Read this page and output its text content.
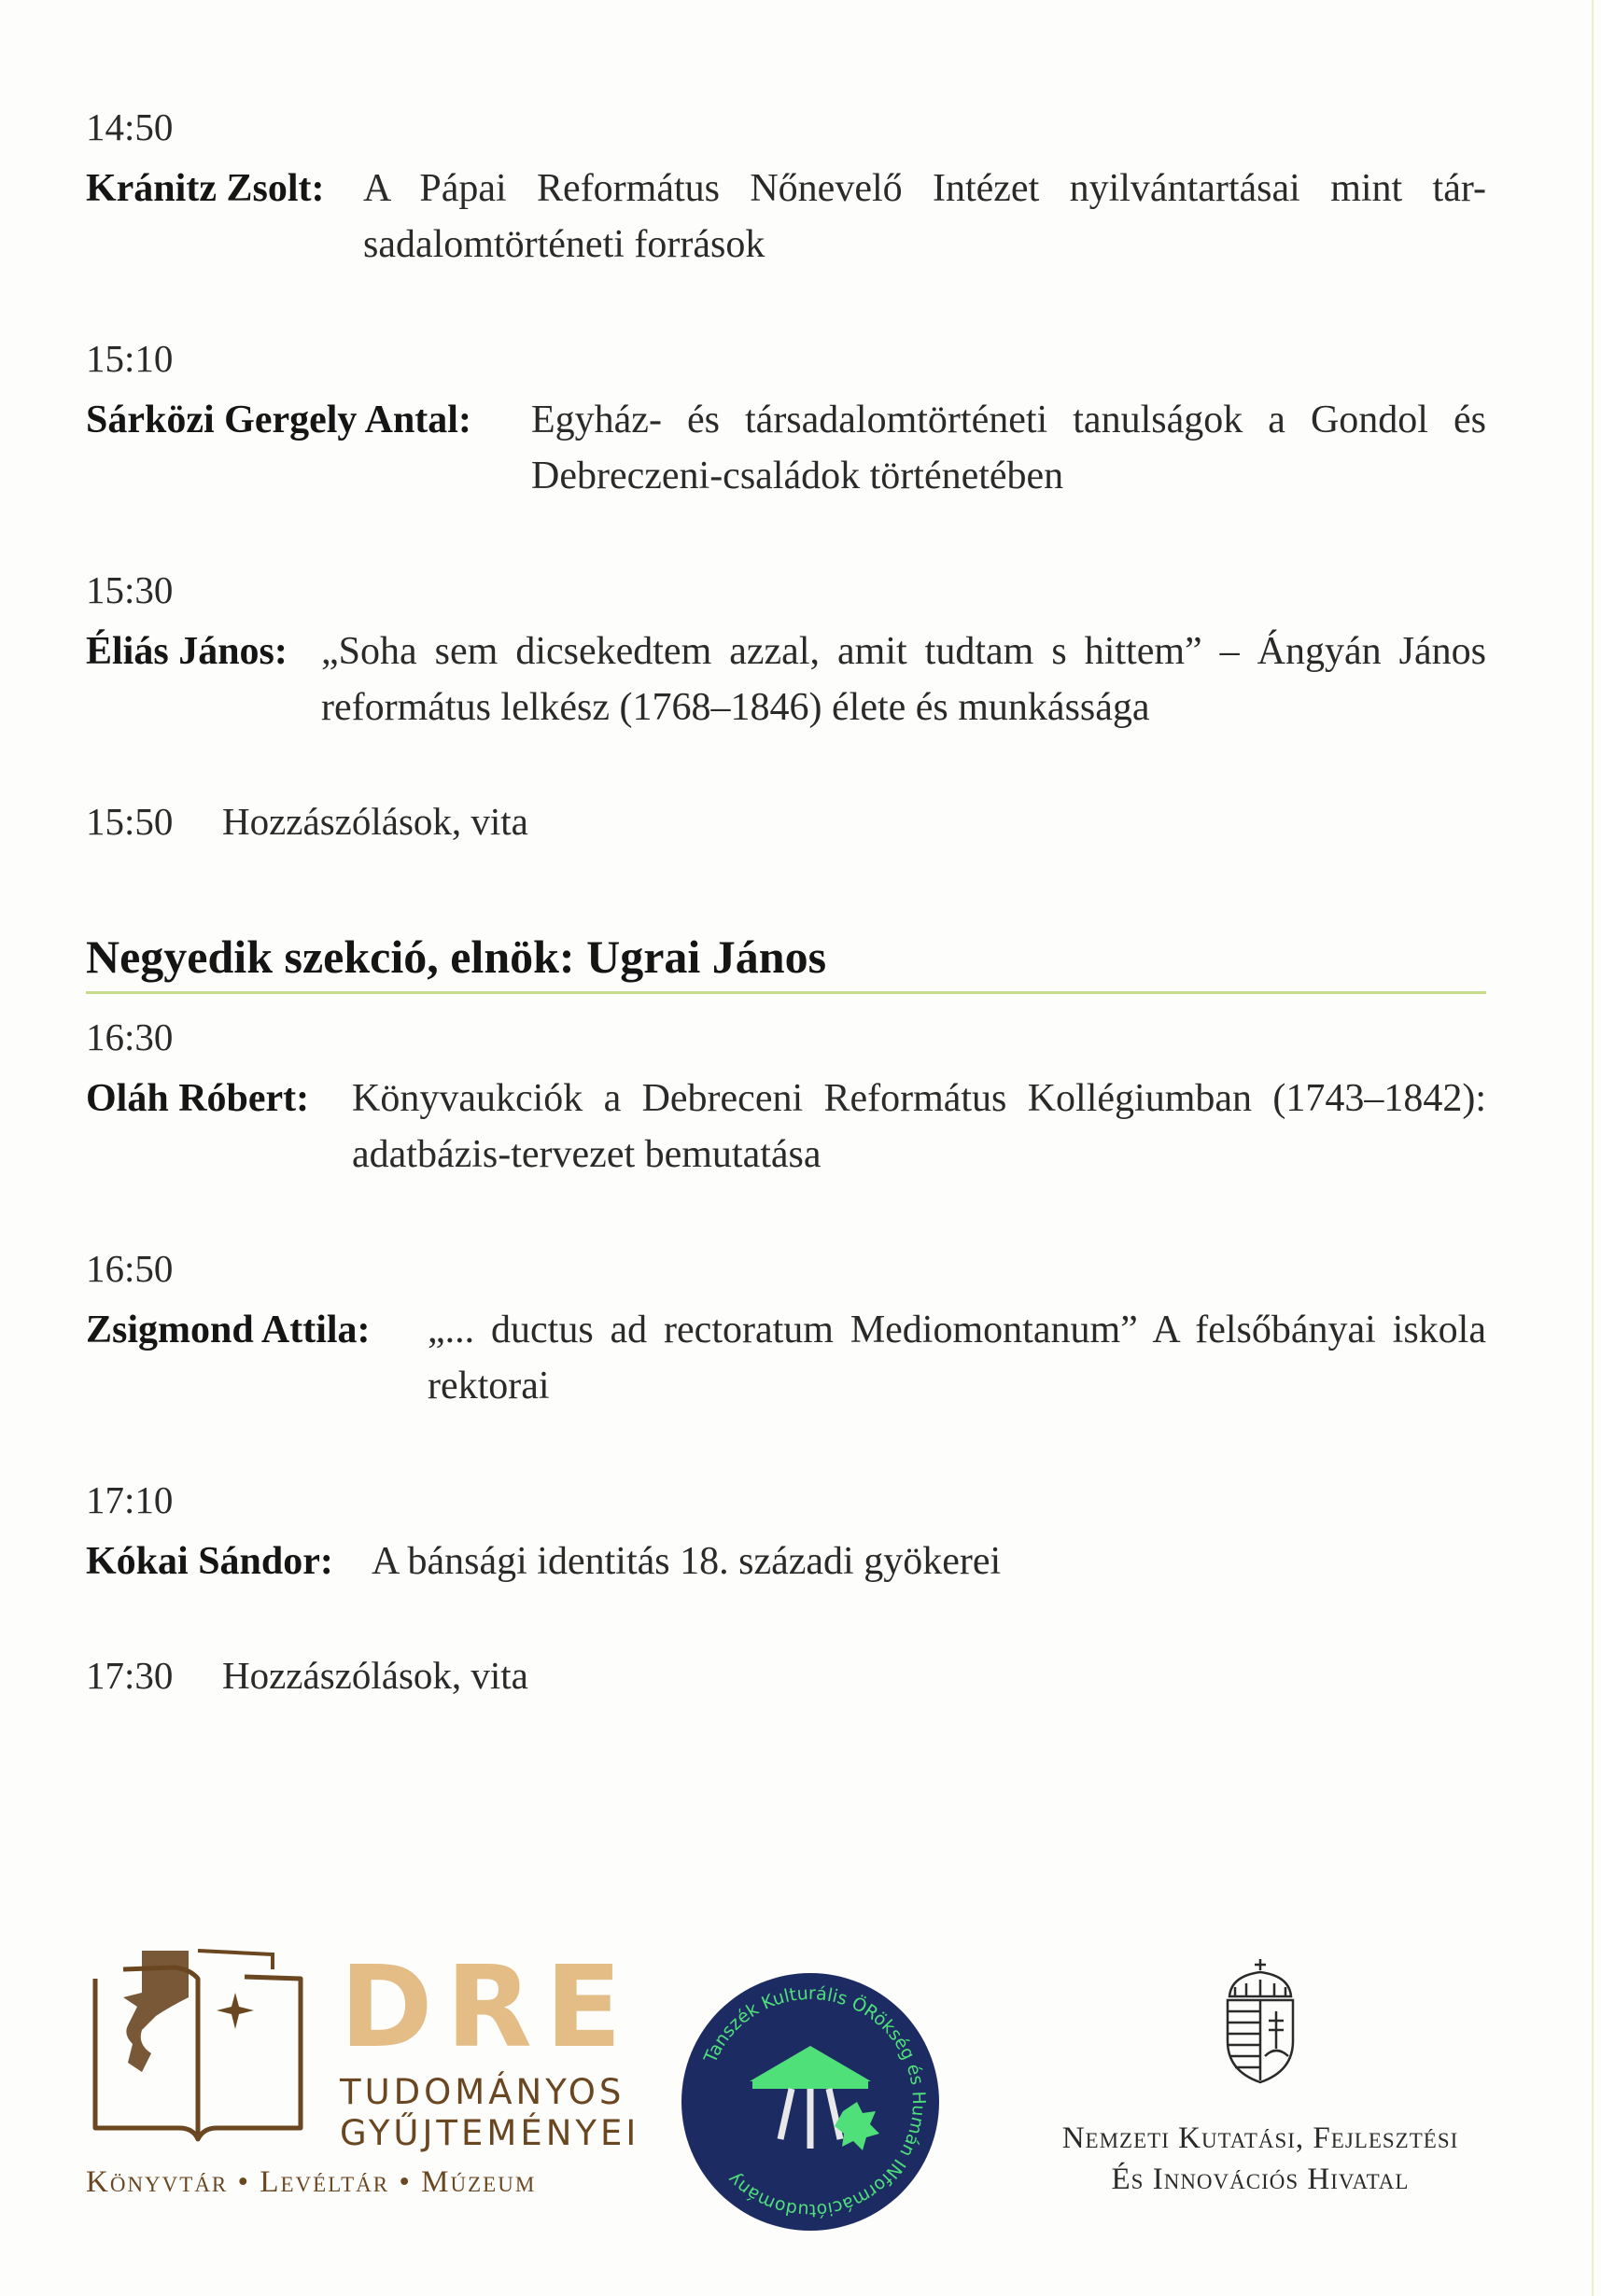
14:50
Kránitz Zsolt: A Pápai Református Nőnevelő Intézet nyilvántartásai mint tár-sadalomtörténeti források
15:10
Sárközi Gergely Antal:	Egyház- és társadalomtörténeti tanulságok a Gondol és Debreczeni-családok történetében
15:30
Éliás János: „Soha sem dicsekedtem azzal, amit tudtam s hittem” – Ángyán János református lelkész (1768–1846) élete és munkássága
15:50 Hozzászólások, vita
Negyedik szekció, elnök: Ugrai János
16:30
Oláh Róbert:	Könyvaukciók a Debreceni Református Kollégiumban (1743–1842): adatbázis-tervezet bemutatása
16:50
Zsigmond Attila:	„... ductus ad rectoratum Mediomontanum” A felsőbányai iskola rektorai
17:10
Kókai Sándor: A bánsági identitás 18. századi gyökerei
17:30 Hozzászólások, vita
DRE
TUDOMÁNYOS
GYŰJTEMÉNYEI
Könyvtár • Levéltár • Múzeum
Tanszék Kulturális ÖRökség és Humán INformációtudomány
Nemzeti Kutatási, Fejlesztési
És Innovációs Hivatal
